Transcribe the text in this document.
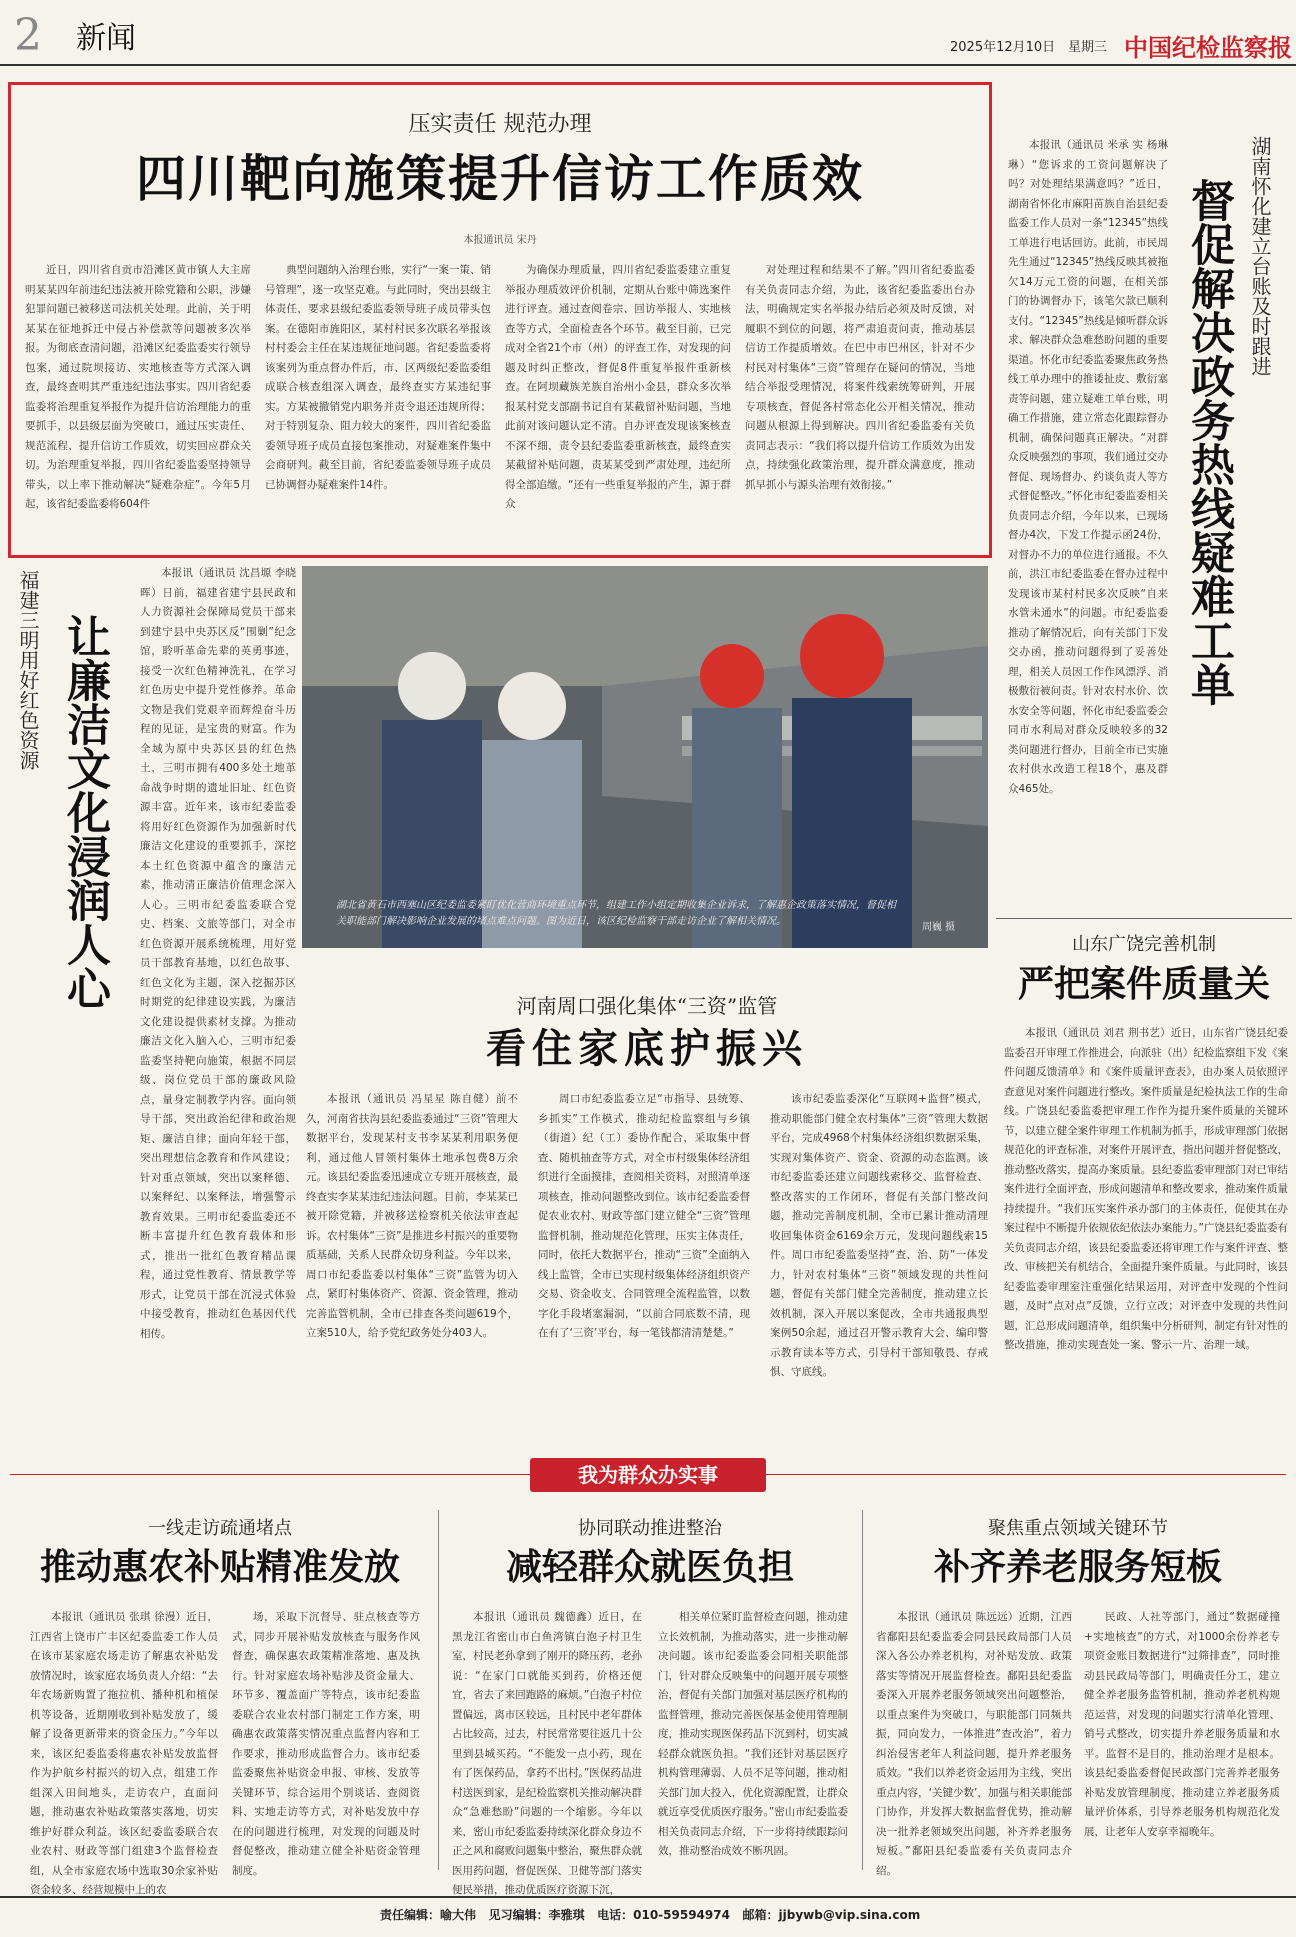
2 新闻	2025年12月10日 星期三 中国纪检监察报
压实责任 规范办理
四川靶向施策提升信访工作质效
本报通讯员 宋丹

近日，四川省自贡市沿滩区黄市镇人大主席明某某四年前违纪违法被开除党籍和公职，涉嫌犯罪问题已被移送司法机关处理。此前，关于明某某在征地拆迁中侵占补偿款等问题被多次举报。为彻底查清问题，沿滩区纪委监委实行领导包案，通过院坝接访、实地核查等方式深入调查，最终查明其严重违纪违法事实。四川省纪委监委将治理重复举报作为提升信访治理能力的重要抓手，以县级层面为突破口，通过压实责任、规范流程、提升信访工作质效，切实回应群众关切。为治理重复举报，四川省纪委监委坚持领导带头，以上率下推动解决“疑难杂症”。今年5月起，该省纪委监委将604件

典型问题纳入治理台账，实行“一案一策、销号管理”，逐一攻坚克难。与此同时，突出县级主体责任，要求县级纪委监委领导班子成员带头包案。在德阳市旌阳区，某村村民多次联名举报该村村委会主任在某违规征地问题。省纪委监委将该案列为重点督办件后，市、区两级纪委监委组成联合核查组深入调查，最终查实方某违纪事实。方某被撤销党内职务并责令退还违规所得；对于特别复杂、阻力较大的案件，四川省纪委监委领导班子成员直接包案推动，对疑难案件集中会商研判。截至目前，省纪委监委领导班子成员已协调督办疑难案件14件。

为确保办理质量，四川省纪委监委建立重复举报办理质效评价机制，定期从台账中筛选案件进行评查。通过查阅卷宗、回访举报人、实地核查等方式，全面检查各个环节。截至目前，已完成对全省21个市（州）的评查工作，对发现的问题及时纠正整改，督促8件重复举报件重新核查。在阿坝藏族羌族自治州小金县，群众多次举报某村党支部副书记自有某截留补贴问题，当地此前对该问题认定不清。自办评查发现该案核查不深不细，责令县纪委监委重新核查，最终查实某截留补贴问题，责某某受到严肃处理，违纪所得全部追缴。“还有一些重复举报的产生，源于群众

对处理过程和结果不了解。”四川省纪委监委有关负责同志介绍，为此，该省纪委监委出台办法，明确规定实名举报办结后必须及时反馈，对履职不到位的问题，将严肃追责问责，推动基层信访工作提质增效。在巴中市巴州区，针对不少村民对村集体“三资”管理存在疑问的情况，当地结合举报受理情况，将案件线索统筹研判，开展专项核查，督促各村常态化公开相关情况，推动问题从根源上得到解决。四川省纪委监委有关负责同志表示：“我们将以提升信访工作质效为出发点，持续强化政策治理，提升群众满意度，推动抓早抓小与源头治理有效衔接。”

湖南怀化建立台账及时跟进
督促解决政务热线疑难工单

本报讯（通讯员 米承 实 杨琳琳）“您诉求的工资问题解决了吗？对处理结果满意吗？”近日，湖南省怀化市麻阳苗族自治县纪委监委工作人员对一条“12345”热线工单进行电话回访。此前，市民周先生通过“12345”热线反映其被拖欠14万元工资的问题，在相关部门的协调督办下，该笔欠款已顺利支付。“12345”热线是倾听群众诉求、解决群众急难愁盼问题的重要渠道。怀化市纪委监委聚焦政务热线工单办理中的推诿扯皮、敷衍塞责等问题，建立疑难工单台账，明确工作措施，建立常态化跟踪督办机制，确保问题真正解决。“对群众反映强烈的事项，我们通过交办督促、现场督办、约谈负责人等方式督促整改。”怀化市纪委监委相关负责同志介绍，今年以来，已现场督办4次，下发工作提示函24份，对督办不力的单位进行通报。不久前，洪江市纪委监委在督办过程中发现该市某村村民多次反映“自来水管未通水”的问题。市纪委监委推动了解情况后，向有关部门下发交办函，推动问题得到了妥善处理，相关人员因工作作风漂浮、消极敷衍被问责。针对农村水价、饮水安全等问题，怀化市纪委监委会同市水利局对群众反映较多的32类问题进行督办，目前全市已实施农村供水改造工程18个，惠及群众465处。

福建三明用好红色资源 让廉洁文化浸润人心

本报讯（通讯员 沈昌塬 李晓晖）日前，福建省建宁县民政和人力资源社会保障局党员干部来到建宁县中央苏区反“围剿”纪念馆，聆听革命先辈的英勇事迹，接受一次红色精神洗礼，在学习红色历史中提升党性修养。革命文物是我们党艰辛而辉煌奋斗历程的见证，是宝贵的财富。作为全域为原中央苏区县的红色热土，三明市拥有400多处土地革命战争时期的遗址旧址、红色资源丰富。近年来，该市纪委监委将用好红色资源作为加强新时代廉洁文化建设的重要抓手，深挖本土红色资源中蕴含的廉洁元素，推动清正廉洁价值理念深入人心。三明市纪委监委联合党史、档案、文旅等部门，对全市红色资源开展系统梳理，用好党员干部教育基地，以红色故事、红色文化为主题，深入挖掘苏区时期党的纪律建设实践，为廉洁文化建设提供素材支撑。为推动廉洁文化入脑入心，三明市纪委监委坚持靶向施策，根据不同层级、岗位党员干部的廉政风险点，量身定制教学内容。面向领导干部，突出政治纪律和政治规矩、廉洁自律；面向年轻干部，突出理想信念教育和作风建设；针对重点领域，突出以案释德、以案释纪、以案释法，增强警示教育效果。三明市纪委监委还不断丰富提升红色教育载体和形式，推出一批红色教育精品课程，通过党性教育、情景教学等形式，让党员干部在沉浸式体验中接受教育，推动红色基因代代相传。

湖北省黄石市西塞山区纪委监委紧盯优化营商环境重点环节，组建工作小组定期收集企业诉求，了解惠企政策落实情况，督促相关职能部门解决影响企业发展的堵点难点问题。图为近日，该区纪检监察干部走访企业了解相关情况。
周巍 摄
山东广饶完善机制
严把案件质量关

本报讯（通讯员 刘君 荆书艺）近日，山东省广饶县纪委监委召开审理工作推进会，向派驻（出）纪检监察组下发《案件问题反馈清单》和《案件质量评查表》，由办案人员依照评查意见对案件问题进行整改。案件质量是纪检执法工作的生命线。广饶县纪委监委把审理工作作为提升案件质量的关键环节，以建立健全案件审理工作机制为抓手，形成审理部门依据规范化的评查标准，对案件开展评查，指出问题并督促整改，推动整改落实，提高办案质量。县纪委监委审理部门对已审结案件进行全面评查，形成问题清单和整改要求，推动案件质量持续提升。“我们压实案件承办部门的主体责任，促使其在办案过程中不断提升依规依纪依法办案能力。”广饶县纪委监委有关负责同志介绍，该县纪委监委还将审理工作与案件评查、整改、审核把关有机结合，全面提升案件质量。与此同时，该县纪委监委审理室注重强化结果运用，对评查中发现的个性问题，及时“点对点”反馈，立行立改；对评查中发现的共性问题，汇总形成问题清单，组织集中分析研判，制定有针对性的整改措施，推动实现查处一案、警示一片、治理一域。

河南周口强化集体“三资”监管
看住家底护振兴

本报讯（通讯员 冯星星 陈自健）前不久，河南省扶沟县纪委监委通过“三资”管理大数据平台，发现某村支书李某某利用职务便利，通过他人冒领村集体土地承包费8万余元。该县纪委监委迅速成立专班开展核查，最终查实李某某违纪违法问题。目前，李某某已被开除党籍，并被移送检察机关依法审查起诉。农村集体“三资”是推进乡村振兴的重要物质基础，关系人民群众切身利益。今年以来，周口市纪委监委以村集体“三资”监管为切入点，紧盯村集体资产、资源、资金管理，推动完善监管机制，全市已排查各类问题619个，立案510人，给予党纪政务处分403人。

周口市纪委监委立足“市指导、县统筹、乡抓实”工作模式，推动纪检监察组与乡镇（街道）纪（工）委协作配合，采取集中督查、随机抽查等方式，对全市村级集体经济组织进行全面摸排，查阅相关资料，对照清单逐项核查，推动问题整改到位。该市纪委监委督促农业农村、财政等部门建立健全“三资”管理监督机制，推动规范化管理，压实主体责任，同时，依托大数据平台，推动“三资”全面纳入线上监管，全市已实现村级集体经济组织资产交易、资金收支、合同管理全流程监管，以数字化手段堵塞漏洞，“以前合同底数不清，现在有了‘三资’平台，每一笔钱都清清楚楚。”

该市纪委监委深化“互联网+监督”模式，推动职能部门健全农村集体“三资”管理大数据平台，完成4968个村集体经济组织数据采集，实现对集体资产、资金、资源的动态监测。该市纪委监委还建立问题线索移交、监督检查、整改落实的工作闭环，督促有关部门整改问题，推动完善制度机制，全市已累计推动清理收回集体资金6169余万元，发现问题线索15件。周口市纪委监委坚持“查、治、防”一体发力，针对农村集体“三资”领域发现的共性问题，督促有关部门健全完善制度，推动建立长效机制，深入开展以案促改，全市共通报典型案例50余起，通过召开警示教育大会、编印警示教育读本等方式，引导村干部知敬畏、存戒惧、守底线。

我为群众办实事
一线走访疏通堵点
推动惠农补贴精准发放

本报讯（通讯员 张琪 徐漫）近日，江西省上饶市广丰区纪委监委工作人员在该市某家庭农场走访了解惠农补贴发放情况时，该家庭农场负责人介绍：“去年农场新购置了拖拉机、播种机和植保机等设备，近期刚收到补贴发放了，缓解了设备更新带来的资金压力。”今年以来，该区纪委监委将惠农补贴发放监督作为护航乡村振兴的切入点，组建工作组深入田间地头，走访农户，直面问题，推动惠农补贴政策落实落地，切实维护好群众利益。该区纪委监委联合农业农村、财政等部门组建3个监督检查组，从全市家庭农场中选取30余家补贴资金较多、经营规模中上的农

场，采取下沉督导、驻点核查等方式，同步开展补贴发放核查与服务作风督查，确保惠农政策精准落地、惠及执行。针对家庭农场补贴涉及资金量大、环节多、覆盖面广等特点，该市纪委监委联合农业农村部门制定工作方案，明确惠农政策落实情况重点监督内容和工作要求，推动形成监督合力。该市纪委监委聚焦补贴资金申报、审核、发放等关键环节，综合运用个别谈话、查阅资料、实地走访等方式，对补贴发放中存在的问题进行梳理，对发现的问题及时督促整改，推动建立健全补贴资金管理制度。

协同联动推进整治
减轻群众就医负担

本报讯（通讯员 魏德鑫）近日，在黑龙江省密山市白鱼湾镇白泡子村卫生室，村民老孙拿到了刚开的降压药，老孙说：“在家门口就能买到药，价格还便宜，省去了来回跑路的麻烦。”白泡子村位置偏远，离市区较远，且村民中老年群体占比较高，过去，村民常常要往返几十公里到县城买药。“不能发一点小药，现在有了医保药品，拿药不出村。”医保药品进村送医到家，是纪检监察机关推动解决群众“急难愁盼”问题的一个缩影。今年以来，密山市纪委监委持续深化群众身边不正之风和腐败问题集中整治，聚焦群众就医用药问题，督促医保、卫健等部门落实便民举措，推动优质医疗资源下沉，

相关单位紧盯监督检查问题，推动建立长效机制，为推动落实，进一步推动解决问题。该市纪委监委会同相关职能部门，针对群众反映集中的问题开展专项整治，督促有关部门加强对基层医疗机构的监督管理，推动完善医保基金使用管理制度，推动实现医保药品下沉到村，切实减轻群众就医负担。“我们还针对基层医疗机构管理薄弱、人员不足等问题，推动相关部门加大投入，优化资源配置，让群众就近享受优质医疗服务。”密山市纪委监委相关负责同志介绍，下一步将持续跟踪问效，推动整治成效不断巩固。

聚焦重点领域关键环节
补齐养老服务短板

本报讯（通讯员 陈远远）近期，江西省鄱阳县纪委监委会同县民政局部门人员深入各公办养老机构，对补贴发放、政策落实等情况开展监督检查。鄱阳县纪委监委深入开展养老服务领域突出问题整治，以重点案件为突破口，与职能部门同频共振，同向发力，一体推进“查改治”，着力纠治侵害老年人利益问题，提升养老服务质效。“我们以养老资金运用为主线，突出重点内容，‘关键少数’，加强与相关职能部门协作，并发挥大数据监督优势，推动解决一批养老领域突出问题，补齐养老服务短板。”鄱阳县纪委监委有关负责同志介绍。

民政、人社等部门，通过“数据碰撞+实地核查”的方式，对1000余份养老专项资金账目数据进行“过筛排查”，同时推动县民政局等部门，明确责任分工，建立健全养老服务监管机制，推动养老机构规范运营，对发现的问题实行清单化管理、销号式整改，切实提升养老服务质量和水平。监督不是目的，推动治理才是根本。该县纪委监委督促民政部门完善养老服务补贴发放管理制度，推动建立养老服务质量评价体系，引导养老服务机构规范化发展，让老年人安享幸福晚年。

责任编辑：喻大伟 见习编辑：李雅琪 电话：010-59594974 邮箱：jjbywb@vip.sina.com
